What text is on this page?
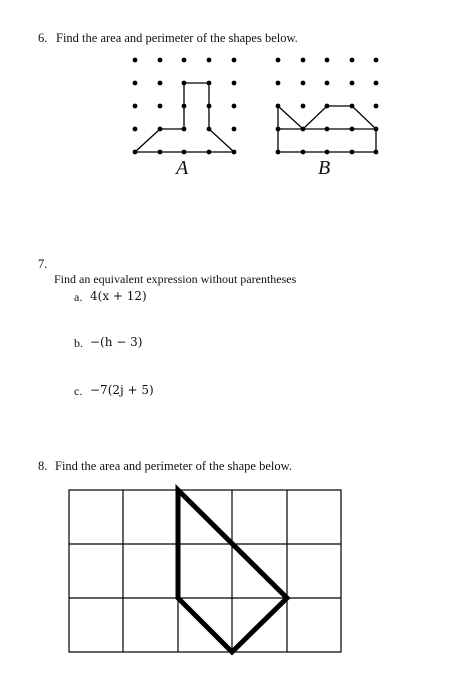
6. Find the area and perimeter of the shapes below.
A	B
7.
Find an equivalent expression without parentheses
a. 4(x + 12)
b. −(h − 3)
c. −7(2j + 5)
8. Find the area and perimeter of the shape below.
